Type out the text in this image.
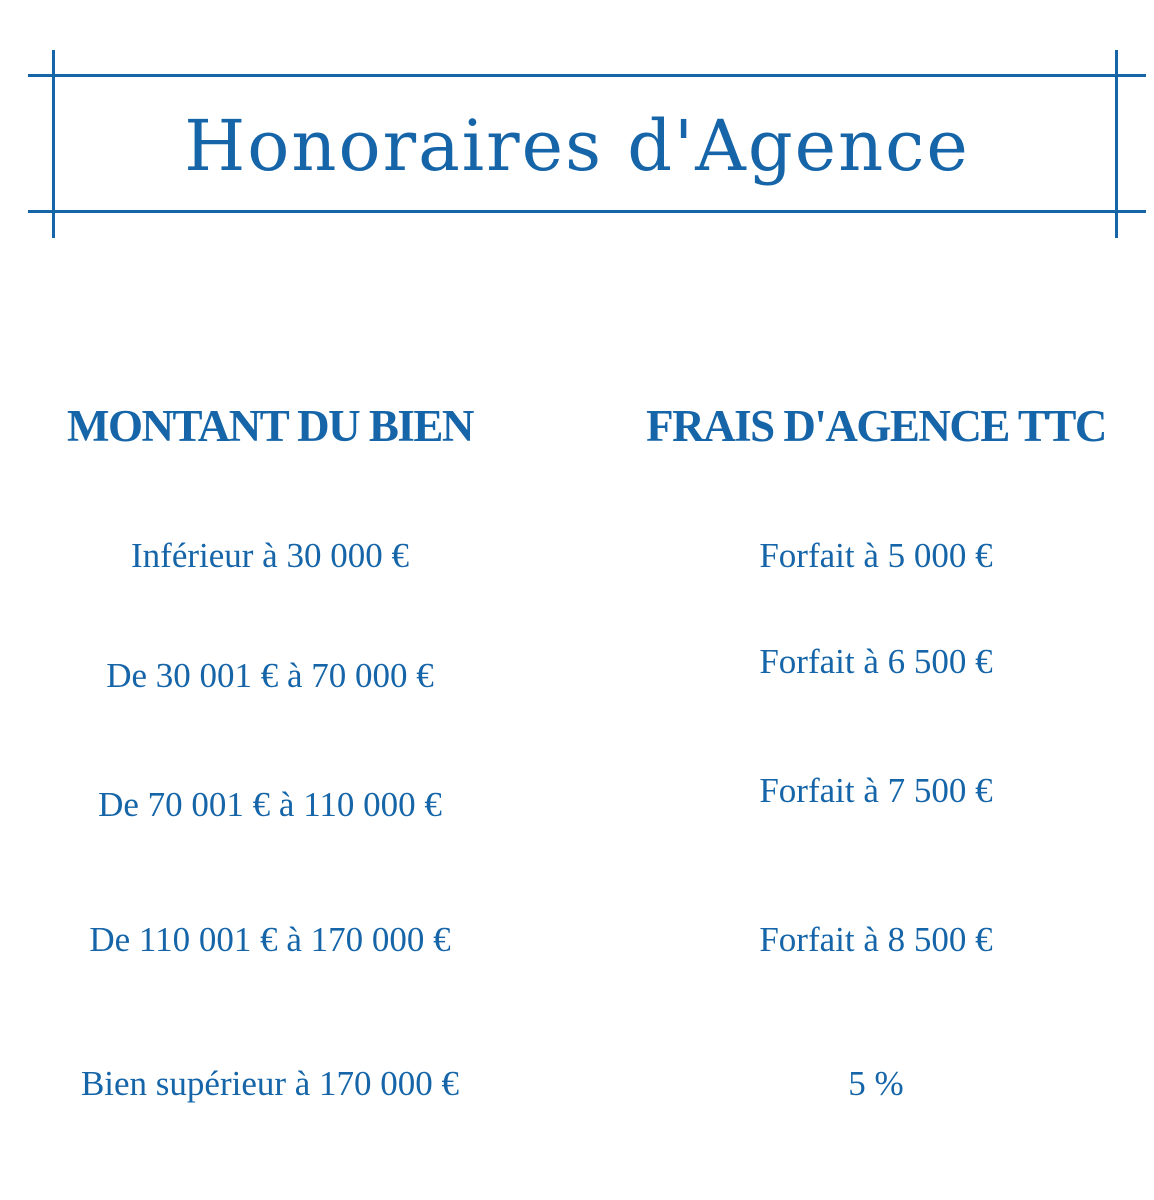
Honoraires d'Agence
MONTANT DU BIEN	FRAIS D'AGENCE TTC
Inférieur à 30 000 €	Forfait à 5 000 €
De 30 001 € à 70 000 €	Forfait à 6 500 €
De 70 001 € à 110 000 €	Forfait à 7 500 €
De 110 001 € à 170 000 €	Forfait à 8 500 €
Bien supérieur à 170 000 €	5 %
